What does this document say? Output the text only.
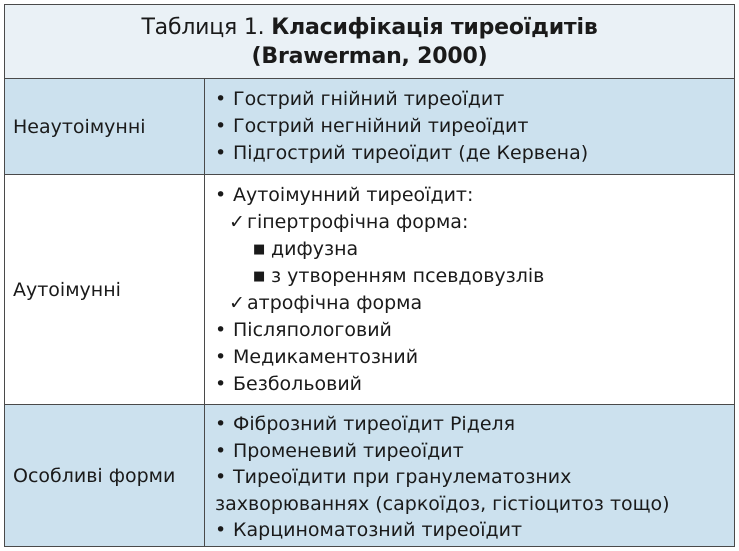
Таблиця 1. Класифікація тиреоїдитів
(Brawerman, 2000)
Неаутоімунні
• Гострий гнійний тиреоїдит
• Гострий негнійний тиреоїдит
• Підгострий тиреоїдит (де Кервена)
Аутоімунні
• Аутоімунний тиреоїдит:
✓ гіпертрофічна форма:
■ дифузна
■ з утворенням псевдовузлів
✓ атрофічна форма
• Післяпологовий
• Медикаментозний
• Безбольовий
Особливі форми
• Фіброзний тиреоїдит Ріделя
• Променевий тиреоїдит
• Тиреоїдити при гранулематозних
захворюваннях (саркоїдоз, гістіоцитоз тощо)
• Карциноматозний тиреоїдит
